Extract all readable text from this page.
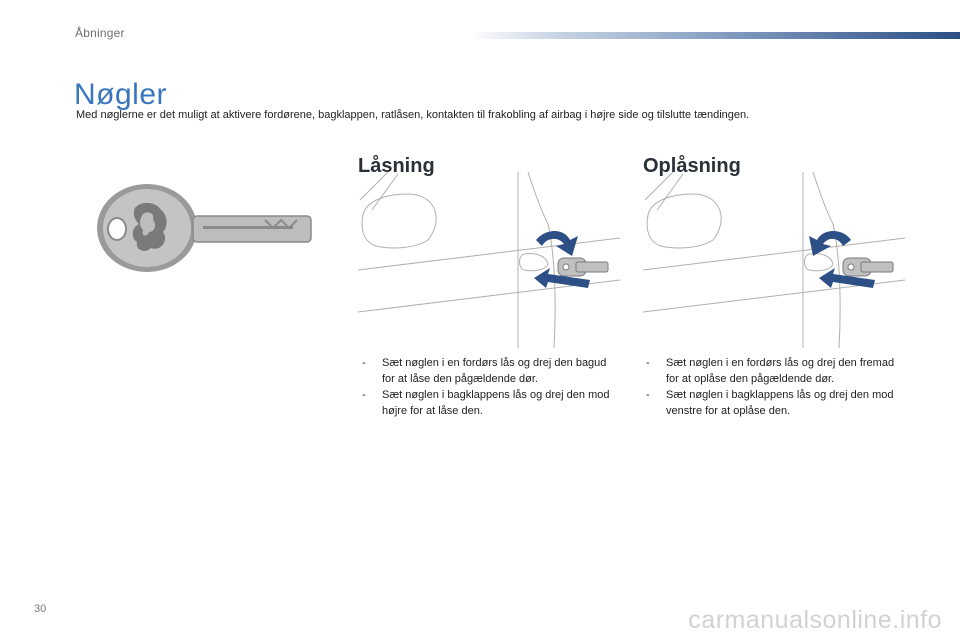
Åbninger
Nøgler

Med nøglerne er det muligt at aktivere fordørene, bagklappen, ratlåsen, kontakten til frakobling af airbag i højre side og tilslutte tændingen.

Låsning	Oplåsning
- Sæt nøglen i en fordørs lås og drej den bagud for at låse den pågældende dør.
- Sæt nøglen i bagklappens lås og drej den mod højre for at låse den.
- Sæt nøglen i en fordørs lås og drej den fremad for at oplåse den pågældende dør.
- Sæt nøglen i bagklappens lås og drej den mod venstre for at oplåse den.
30	carmanualsonline.info
